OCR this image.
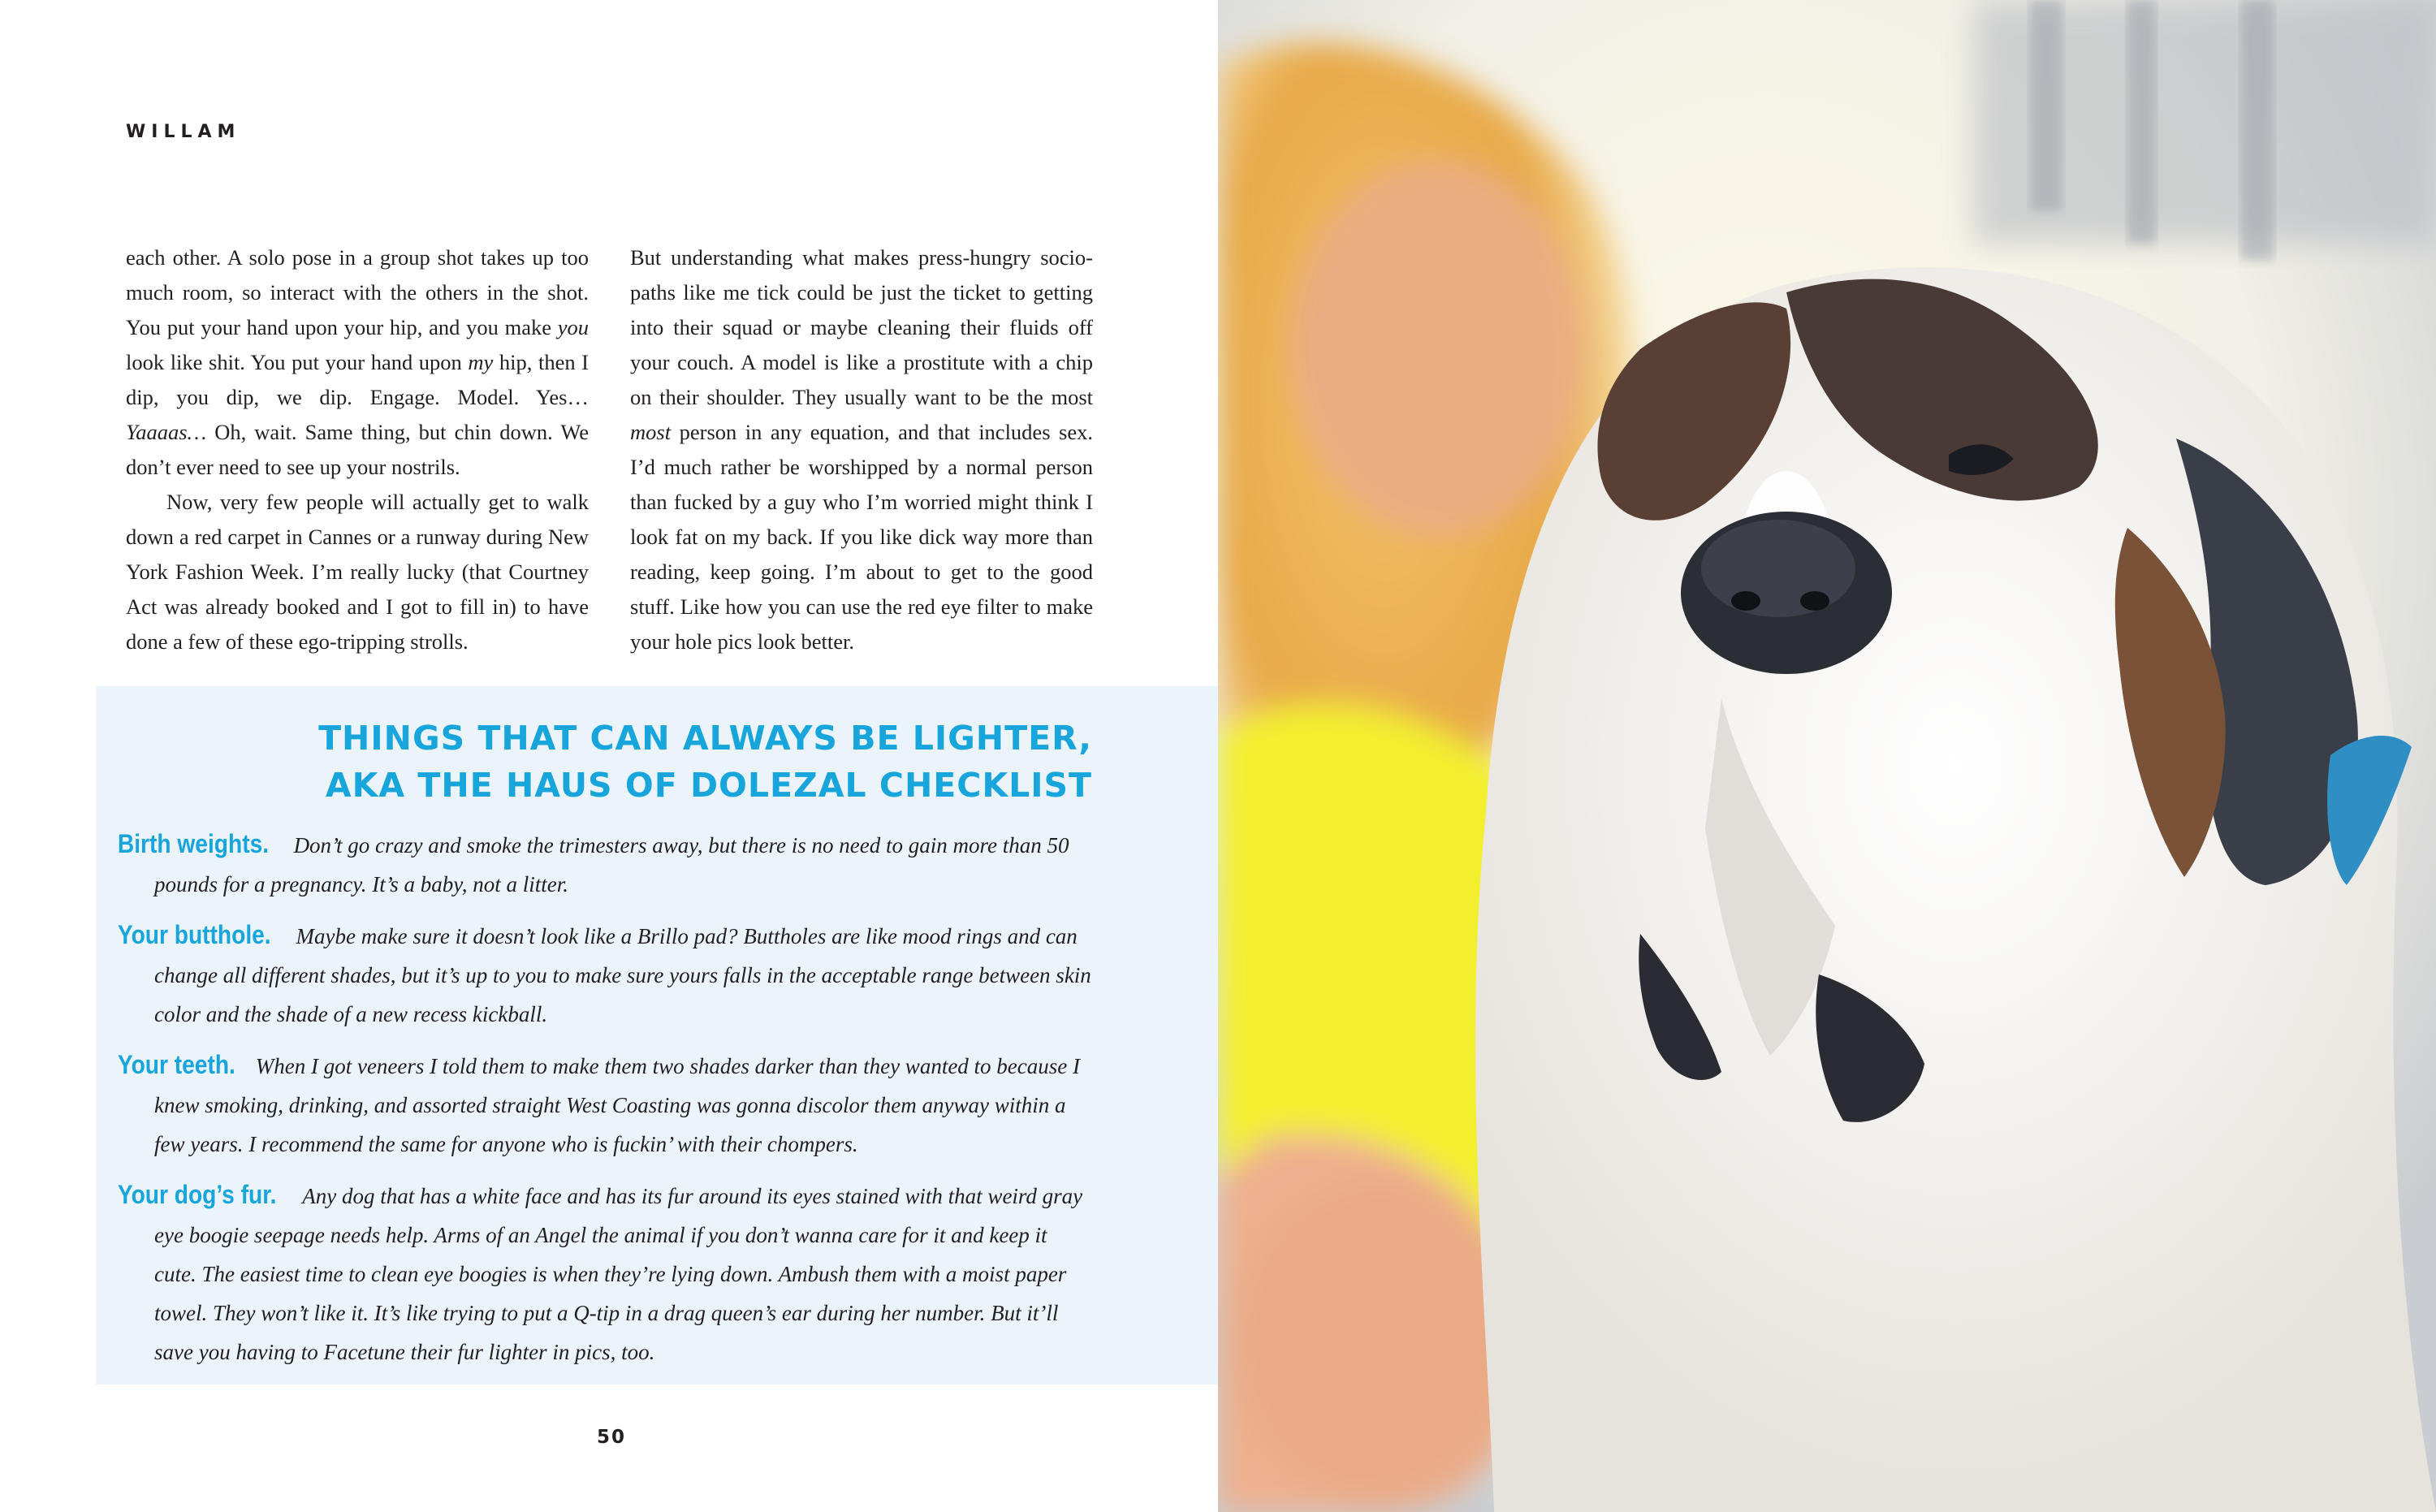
WILLAM

each other. A solo pose in a group shot takes up too much room, so interact with the others in the shot. You put your hand upon your hip, and you make you look like shit. You put your hand upon my hip, then I dip, you dip, we dip. Engage. Model. Yes… Yaaaas… Oh, wait. Same thing, but chin down. We don’t ever need to see up your nostrils.

Now, very few people will actually get to walk down a red carpet in Cannes or a runway during New York Fashion Week. I’m really lucky (that Courtney Act was already booked and I got to fill in) to have done a few of these ego-tripping strolls.

But understanding what makes press-hungry socio-paths like me tick could be just the ticket to getting into their squad or maybe cleaning their fluids off your couch. A model is like a prostitute with a chip on their shoulder. They usually want to be the most most person in any equation, and that includes sex. I’d much rather be worshipped by a normal person than fucked by a guy who I’m worried might think I look fat on my back. If you like dick way more than reading, keep going. I’m about to get to the good stuff. Like how you can use the red eye filter to make your hole pics look better.

THINGS THAT CAN ALWAYS BE LIGHTER,
AKA THE HAUS OF DOLEZAL CHECKLIST
Birth weights. Don’t go crazy and smoke the trimesters away, but there is no need to gain more than 50 pounds for a pregnancy. It’s a baby, not a litter.
Your butthole. Maybe make sure it doesn’t look like a Brillo pad? Buttholes are like mood rings and can change all different shades, but it’s up to you to make sure yours falls in the acceptable range between skin color and the shade of a new recess kickball.
Your teeth. When I got veneers I told them to make them two shades darker than they wanted to because I knew smoking, drinking, and assorted straight West Coasting was gonna discolor them anyway within a few years. I recommend the same for anyone who is fuckin’ with their chompers.
Your dog’s fur. Any dog that has a white face and has its fur around its eyes stained with that weird gray eye boogie seepage needs help. Arms of an Angel the animal if you don’t wanna care for it and keep it cute. The easiest time to clean eye boogies is when they’re lying down. Ambush them with a moist paper towel. They won’t like it. It’s like trying to put a Q-tip in a drag queen’s ear during her number. But it’ll save you having to Facetune their fur lighter in pics, too.
50
